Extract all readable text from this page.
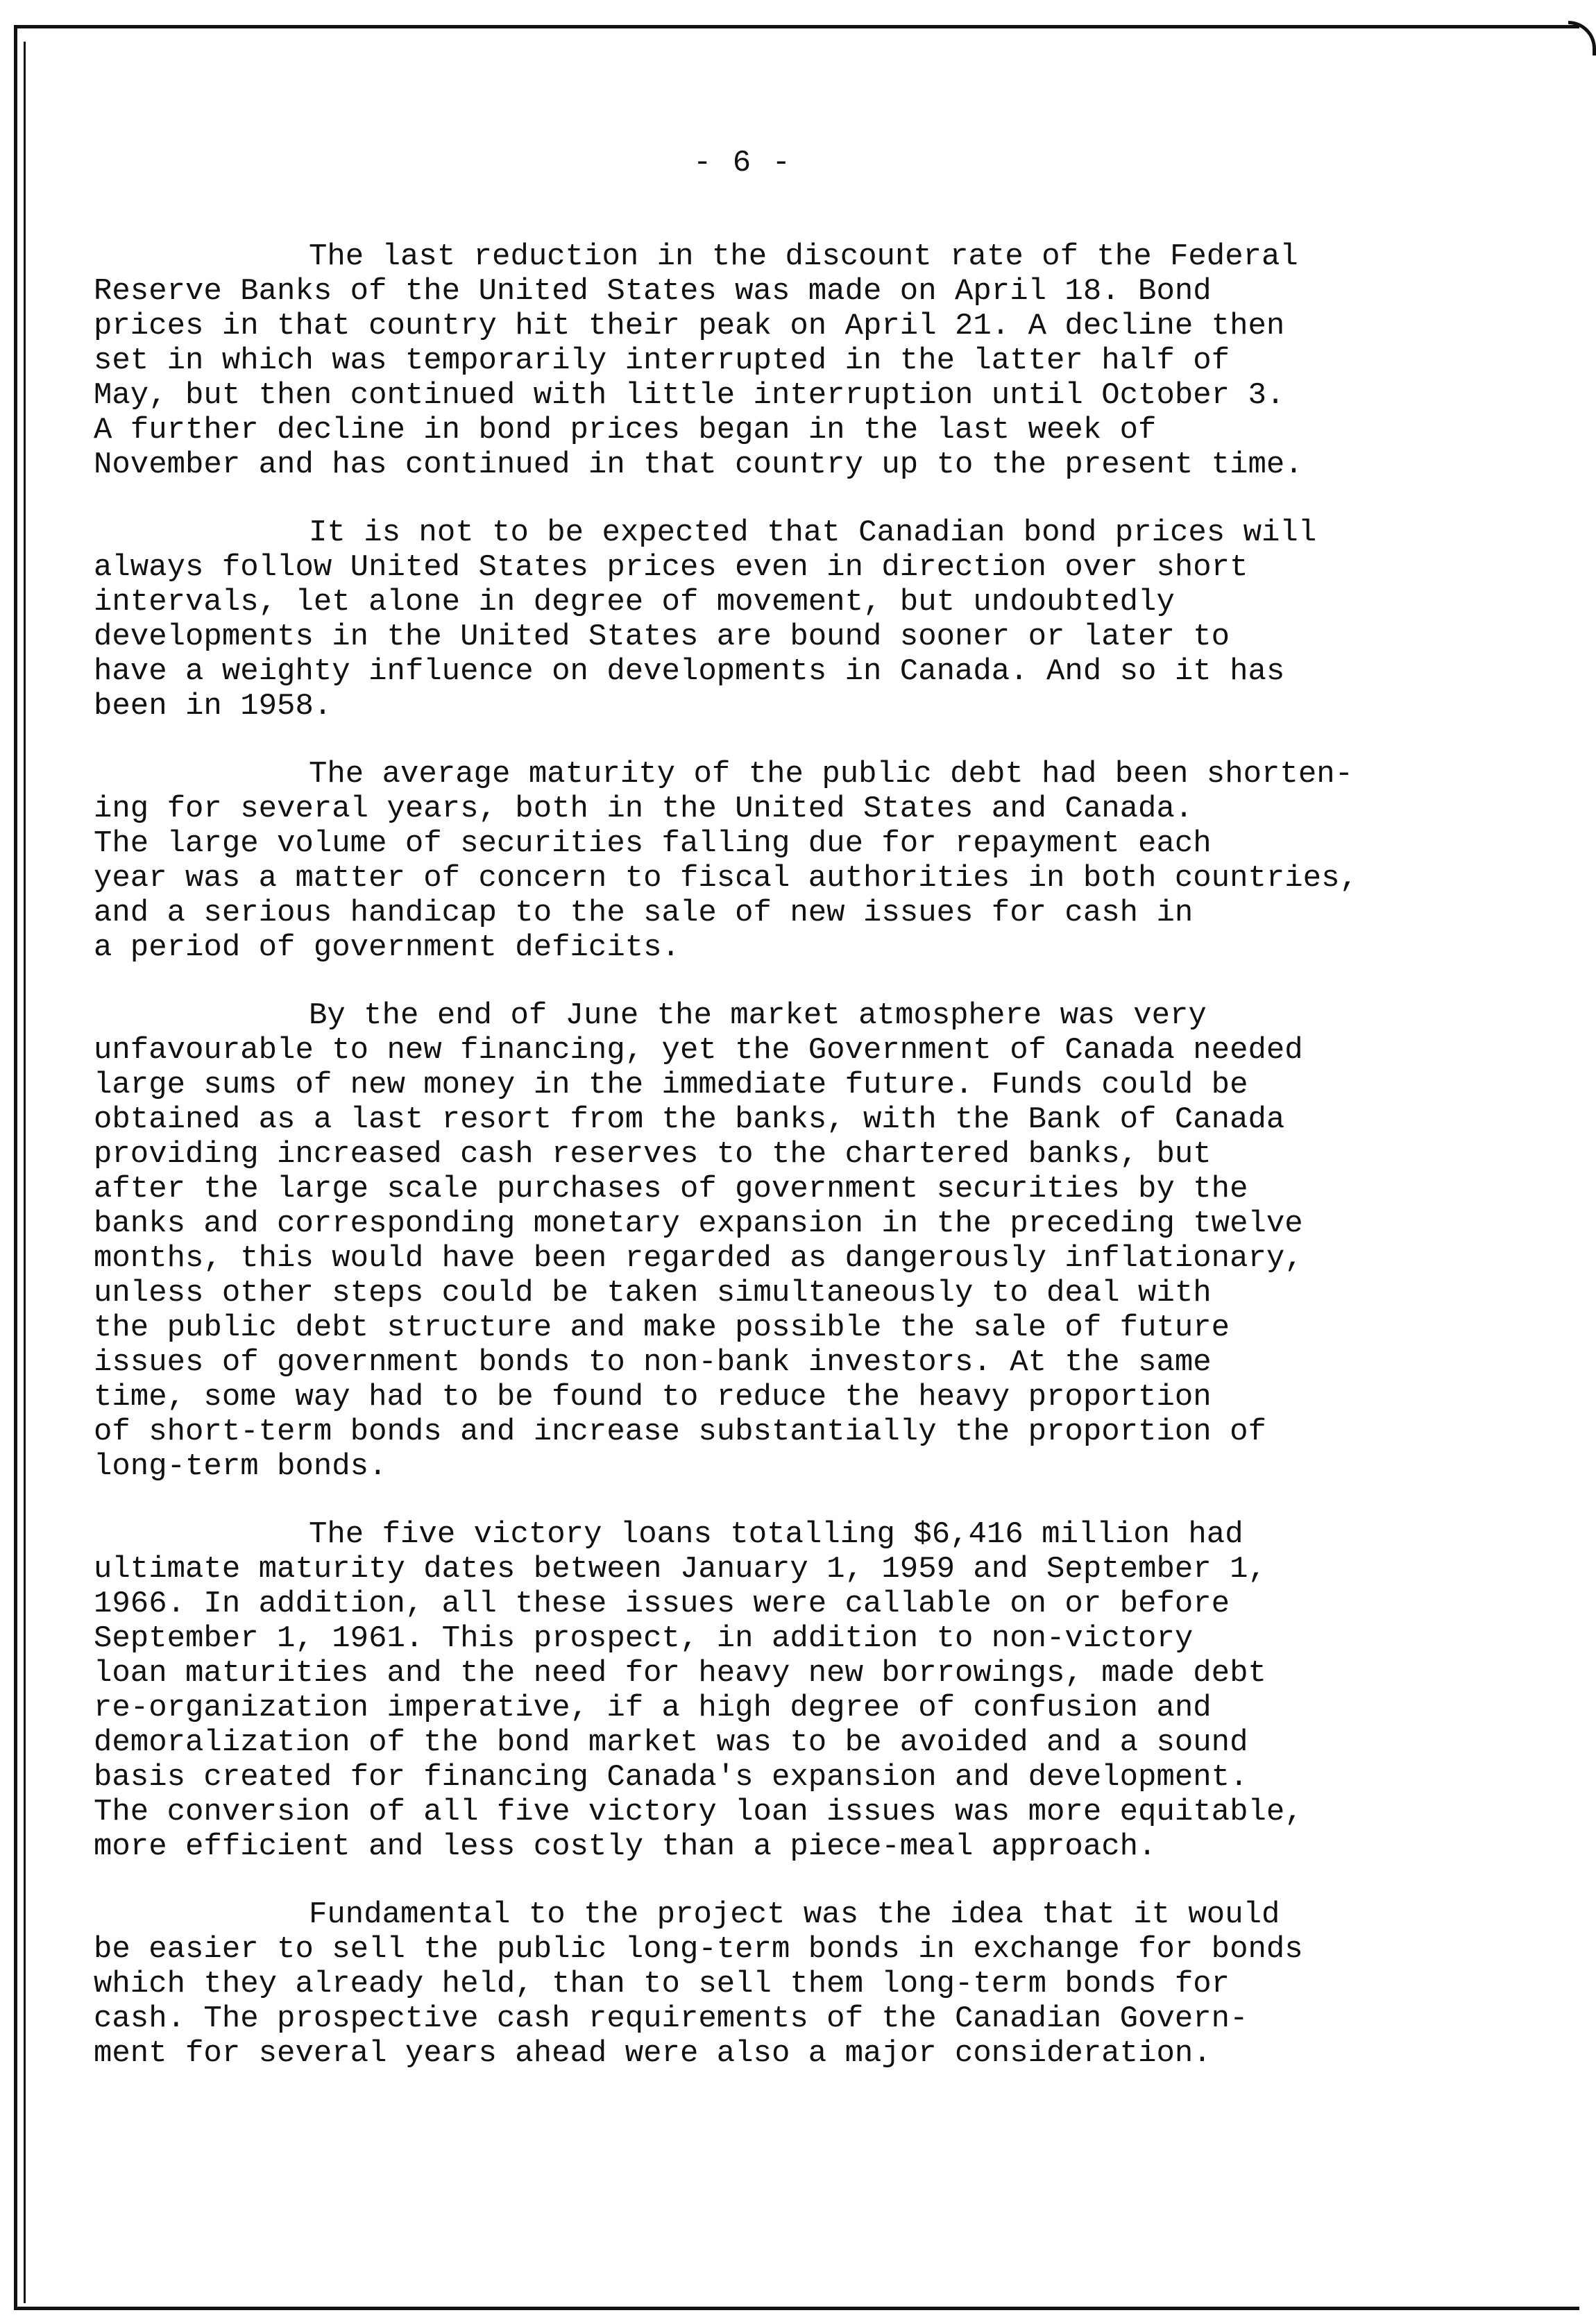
- 6 -
The last reduction in the discount rate of the Federal
Reserve Banks of the United States was made on April 18. Bond
prices in that country hit their peak on April 21. A decline then
set in which was temporarily interrupted in the latter half of
May, but then continued with little interruption until October 3.
A further decline in bond prices began in the last week of
November and has continued in that country up to the present time.
It is not to be expected that Canadian bond prices will
always follow United States prices even in direction over short
intervals, let alone in degree of movement, but undoubtedly
developments in the United States are bound sooner or later to
have a weighty influence on developments in Canada. And so it has
been in 1958.
The average maturity of the public debt had been shorten-
ing for several years, both in the United States and Canada.
The large volume of securities falling due for repayment each
year was a matter of concern to fiscal authorities in both countries,
and a serious handicap to the sale of new issues for cash in
a period of government deficits.
By the end of June the market atmosphere was very
unfavourable to new financing, yet the Government of Canada needed
large sums of new money in the immediate future. Funds could be
obtained as a last resort from the banks, with the Bank of Canada
providing increased cash reserves to the chartered banks, but
after the large scale purchases of government securities by the
banks and corresponding monetary expansion in the preceding twelve
months, this would have been regarded as dangerously inflationary,
unless other steps could be taken simultaneously to deal with
the public debt structure and make possible the sale of future
issues of government bonds to non-bank investors. At the same
time, some way had to be found to reduce the heavy proportion
of short-term bonds and increase substantially the proportion of
long-term bonds.
The five victory loans totalling $6,416 million had
ultimate maturity dates between January 1, 1959 and September 1,
1966. In addition, all these issues were callable on or before
September 1, 1961. This prospect, in addition to non-victory
loan maturities and the need for heavy new borrowings, made debt
re-organization imperative, if a high degree of confusion and
demoralization of the bond market was to be avoided and a sound
basis created for financing Canada's expansion and development.
The conversion of all five victory loan issues was more equitable,
more efficient and less costly than a piece-meal approach.
Fundamental to the project was the idea that it would
be easier to sell the public long-term bonds in exchange for bonds
which they already held, than to sell them long-term bonds for
cash. The prospective cash requirements of the Canadian Govern-
ment for several years ahead were also a major consideration.
